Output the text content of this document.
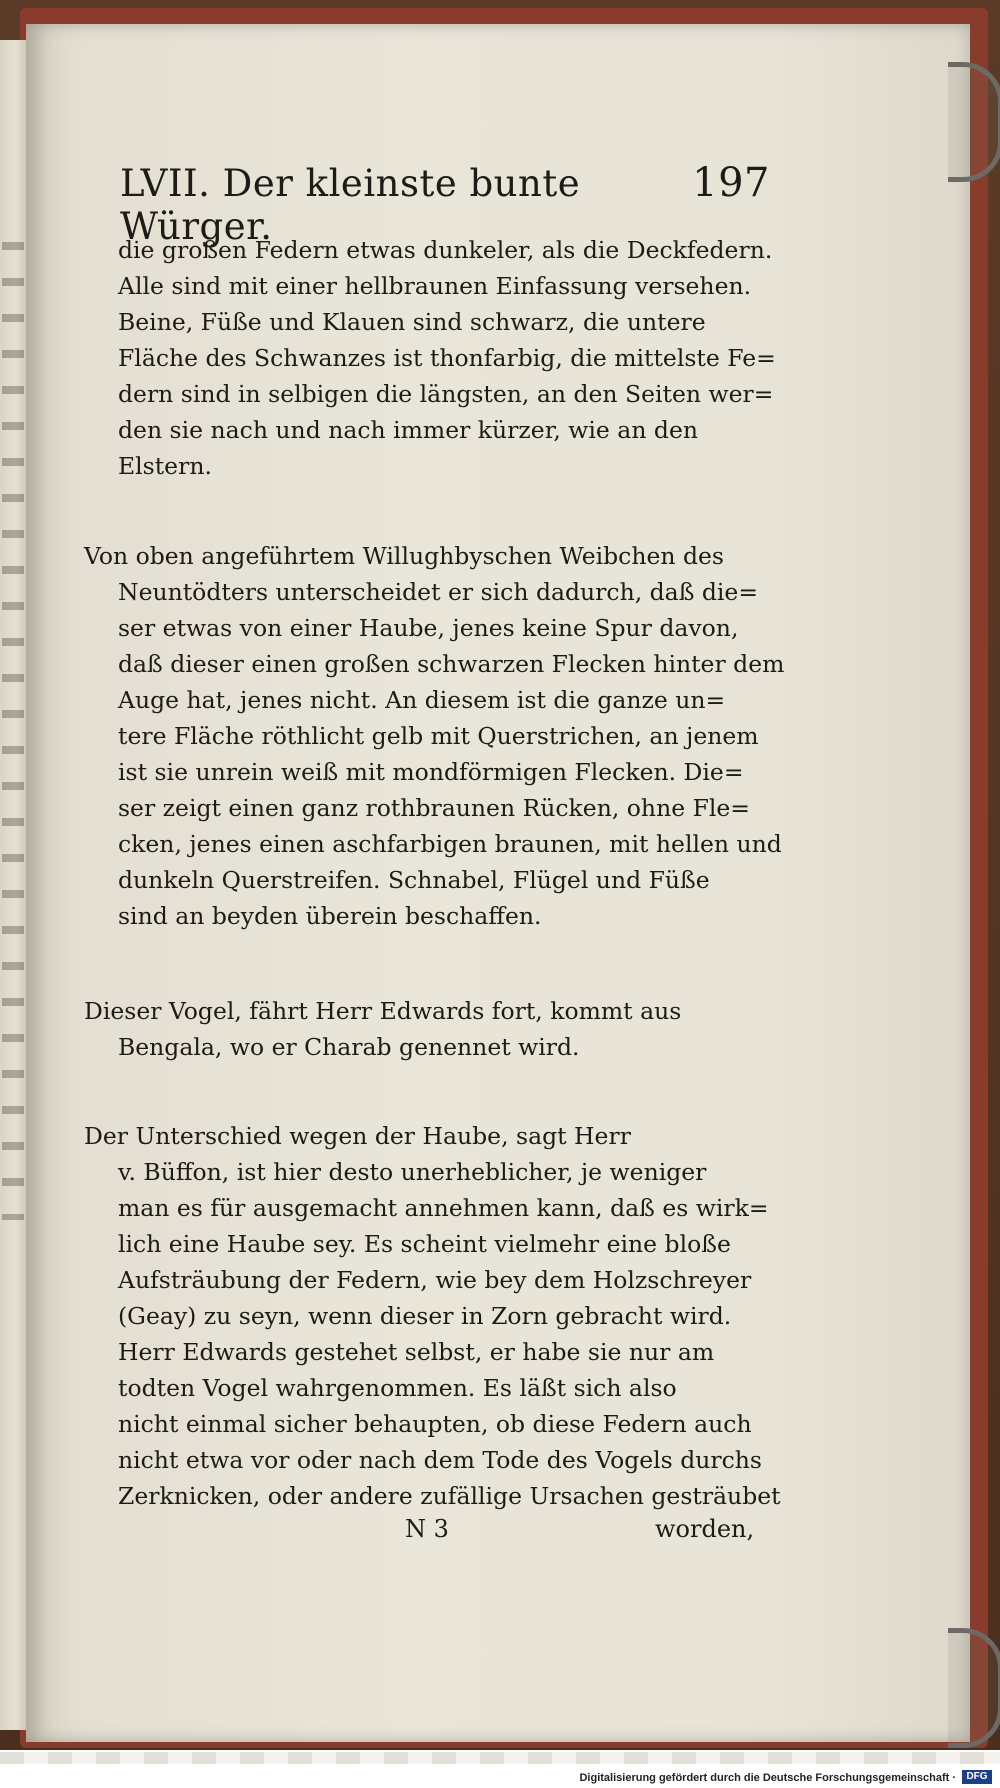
LVII. Der kleinste bunte Würger.
197
die großen Federn etwas dunkeler, als die Deckfedern.
Alle sind mit einer hellbraunen Einfassung versehen.
Beine, Füße und Klauen sind schwarz, die untere
Fläche des Schwanzes ist thonfarbig, die mittelste Fe=
dern sind in selbigen die längsten, an den Seiten wer=
den sie nach und nach immer kürzer, wie an den
Elstern.
Von oben angeführtem Willughbyschen Weibchen des
Neuntödters unterscheidet er sich dadurch, daß die=
ser etwas von einer Haube, jenes keine Spur davon,
daß dieser einen großen schwarzen Flecken hinter dem
Auge hat, jenes nicht. An diesem ist die ganze un=
tere Fläche röthlicht gelb mit Querstrichen, an jenem
ist sie unrein weiß mit mondförmigen Flecken. Die=
ser zeigt einen ganz rothbraunen Rücken, ohne Fle=
cken, jenes einen aschfarbigen braunen, mit hellen und
dunkeln Querstreifen. Schnabel, Flügel und Füße
sind an beyden überein beschaffen.
Dieser Vogel, fährt Herr Edwards fort, kommt aus
Bengala, wo er Charab genennet wird.
Der Unterschied wegen der Haube, sagt Herr
v. Büffon, ist hier desto unerheblicher, je weniger
man es für ausgemacht annehmen kann, daß es wirk=
lich eine Haube sey. Es scheint vielmehr eine bloße
Aufsträubung der Federn, wie bey dem Holzschreyer
(Geay) zu seyn, wenn dieser in Zorn gebracht wird.
Herr Edwards gestehet selbst, er habe sie nur am
todten Vogel wahrgenommen. Es läßt sich also
nicht einmal sicher behaupten, ob diese Federn auch
nicht etwa vor oder nach dem Tode des Vogels durchs
Zerknicken, oder andere zufällige Ursachen gesträubet
N 3	worden,
Digitalisierung gefördert durch die Deutsche Forschungsgemeinschaft ·	DFG
